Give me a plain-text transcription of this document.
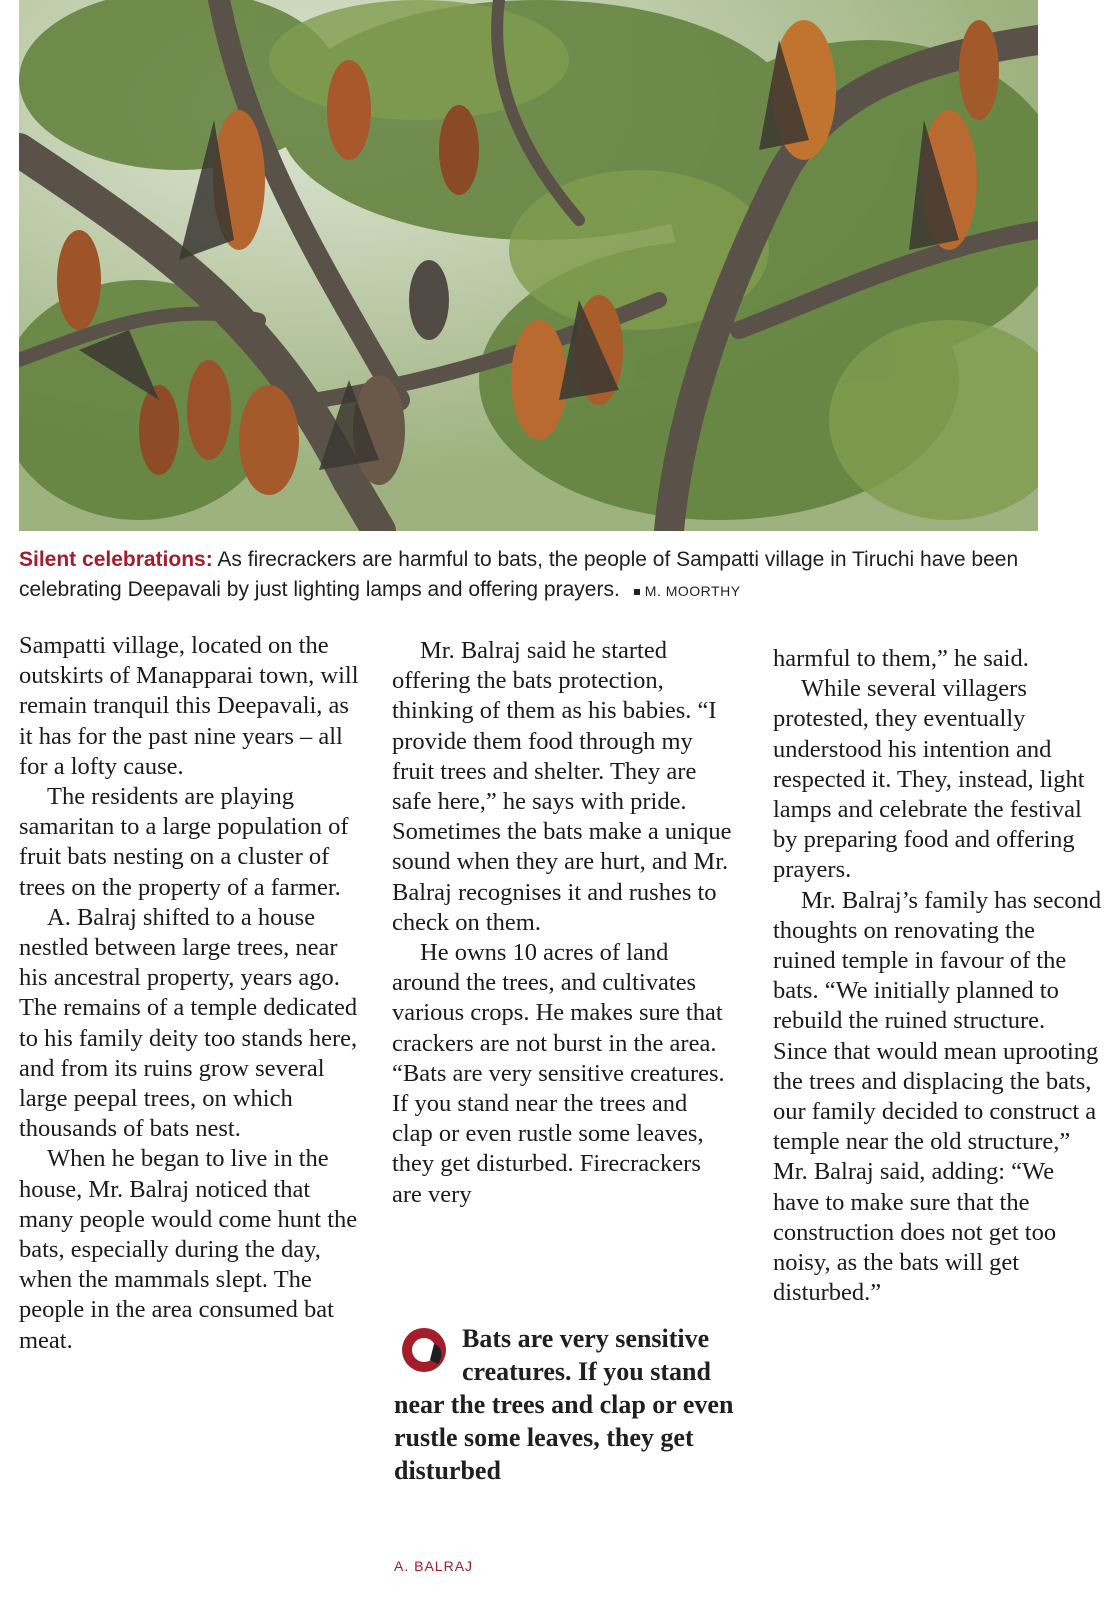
Silent celebrations: As firecrackers are harmful to bats, the people of Sampatti village in Tiruchi have been celebrating Deepavali by just lighting lamps and offering prayers. M. MOORTHY

Sampatti village, located on the outskirts of Manapparai town, will remain tranquil this Deepavali, as it has for the past nine years – all for a lofty cause.

The residents are playing samaritan to a large population of fruit bats nesting on a cluster of trees on the property of a farmer.

A. Balraj shifted to a house nestled between large trees, near his ancestral property, years ago. The remains of a temple dedicated to his family deity too stands here, and from its ruins grow several large peepal trees, on which thousands of bats nest.

When he began to live in the house, Mr. Balraj noticed that many people would come hunt the bats, especially during the day, when the mammals slept. The people in the area consumed bat meat.

Mr. Balraj said he started offering the bats protection, thinking of them as his babies. “I provide them food through my fruit trees and shelter. They are safe here,” he says with pride. Sometimes the bats make a unique sound when they are hurt, and Mr. Balraj recognises it and rushes to check on them.

He owns 10 acres of land around the trees, and cultivates various crops. He makes sure that crackers are not burst in the area. “Bats are very sensitive creatures. If you stand near the trees and clap or even rustle some leaves, they get disturbed. Firecrackers are very

Bats are very sensitive creatures. If you stand near the trees and clap or even rustle some leaves, they get disturbed
A. BALRAJ

harmful to them,” he said.

While several villagers protested, they eventually understood his intention and respected it. They, instead, light lamps and celebrate the festival by preparing food and offering prayers.

Mr. Balraj’s family has second thoughts on renovating the ruined temple in favour of the bats. “We initially planned to rebuild the ruined structure. Since that would mean uprooting the trees and displacing the bats, our family decided to construct a temple near the old structure,” Mr. Balraj said, adding: “We have to make sure that the construction does not get too noisy, as the bats will get disturbed.”
